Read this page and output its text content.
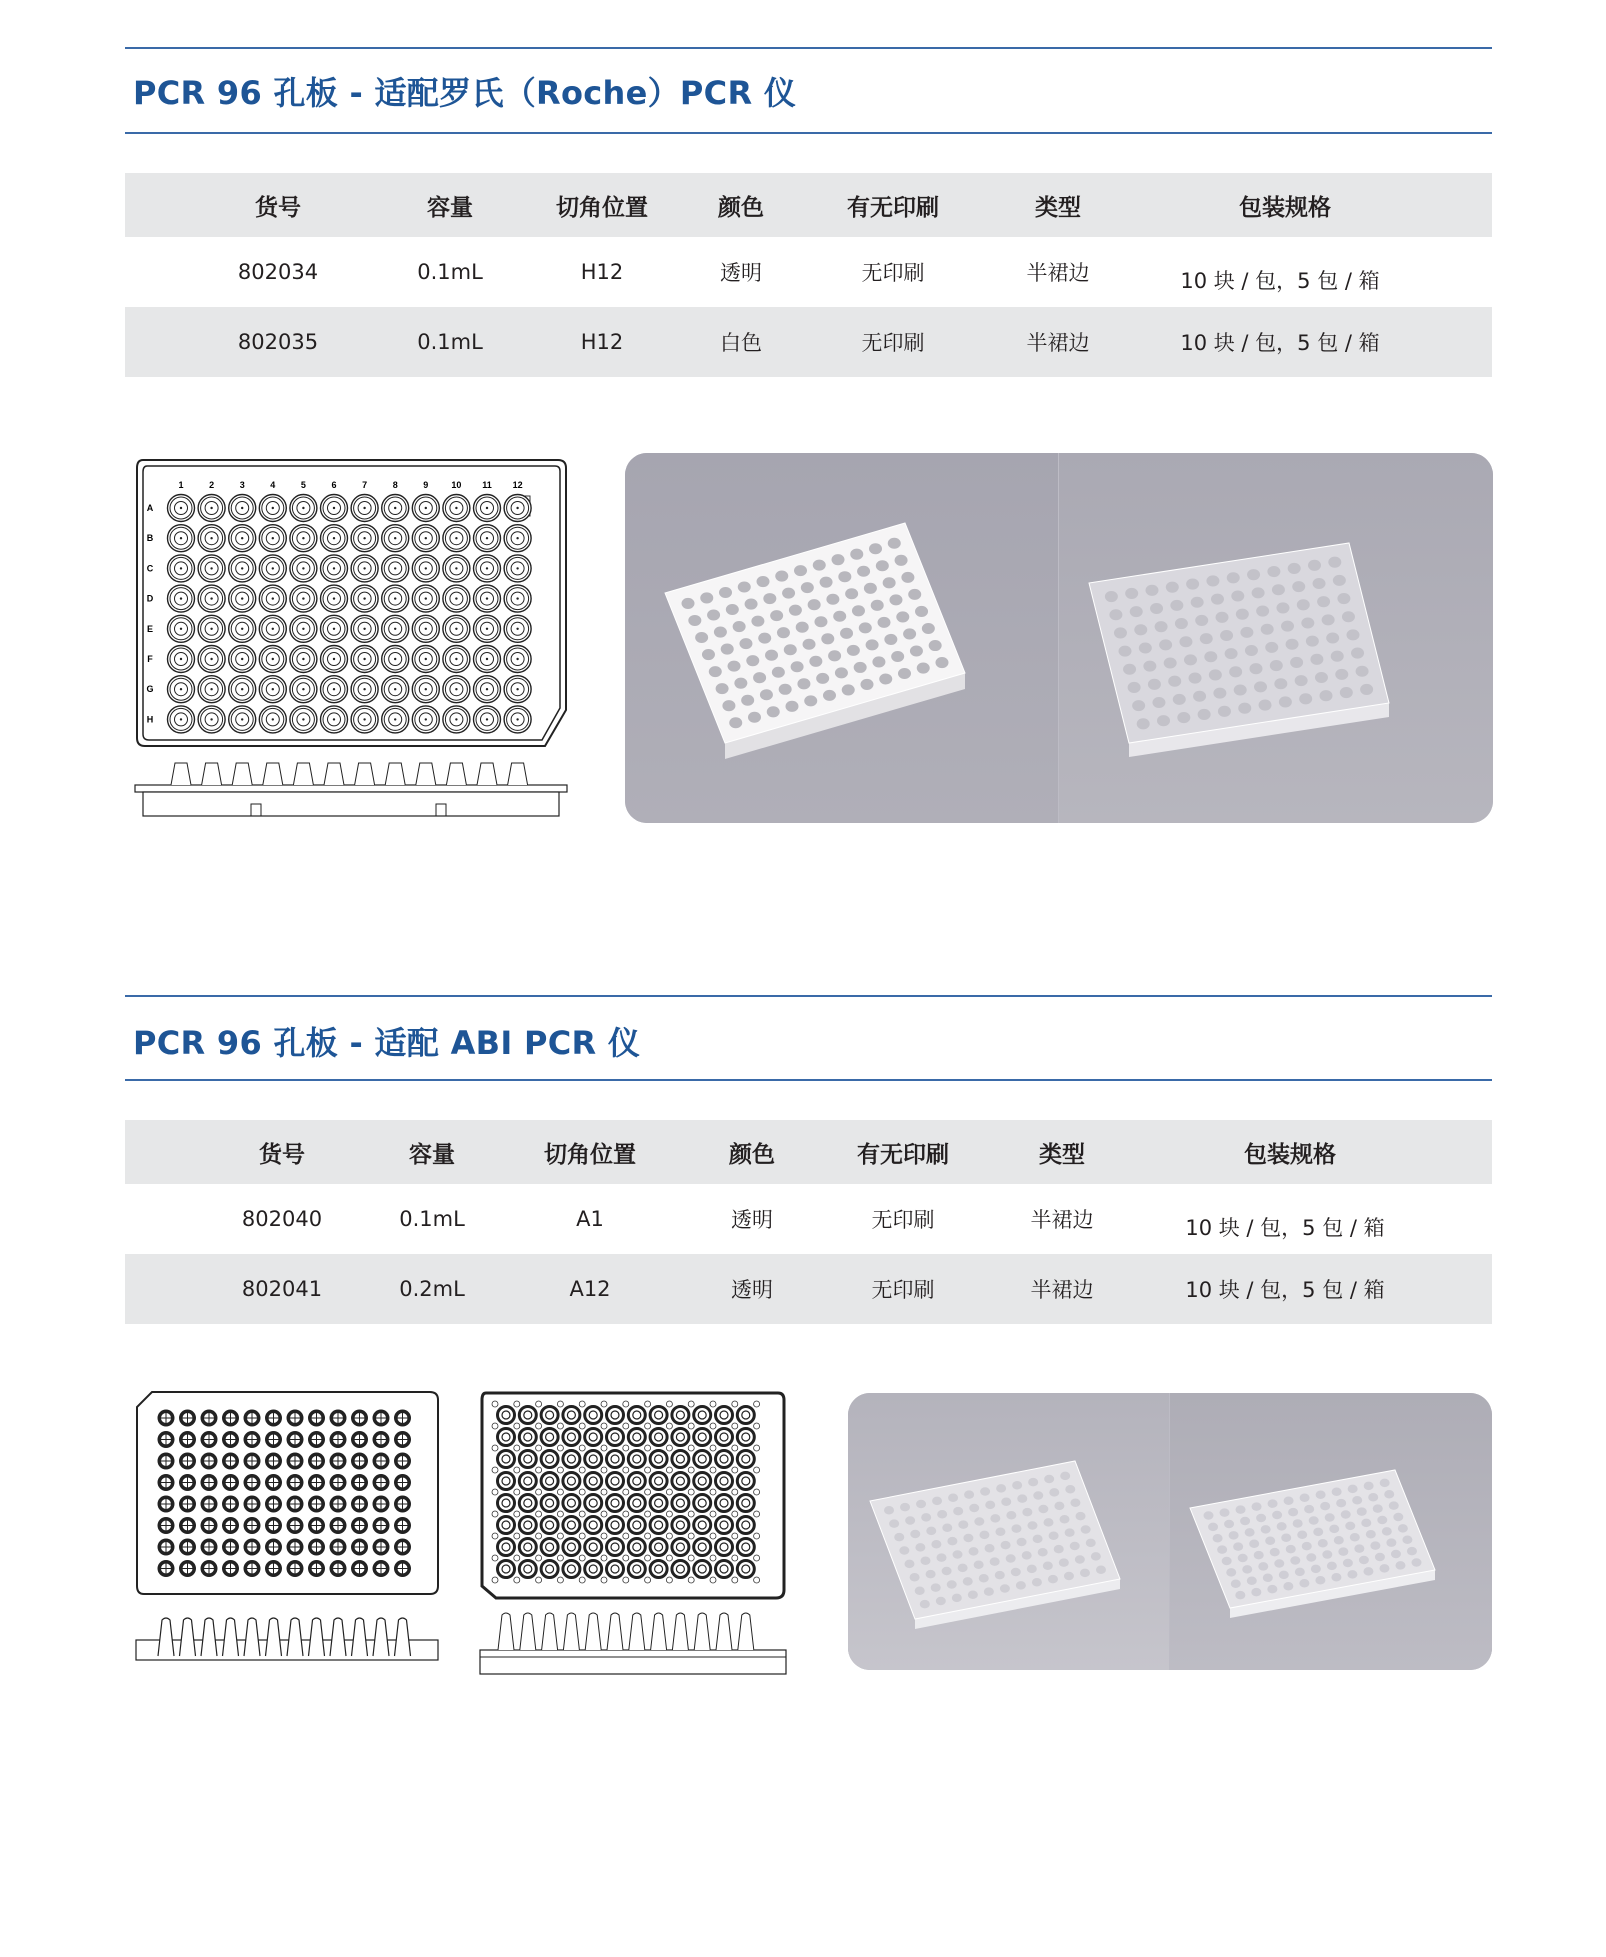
PCR 96 孔板 - 适配罗氏（Roche）PCR 仪
货号	容量	切角位置	颜色	有无印刷	类型	包装规格
802034	0.1mL	H12	透明	无印刷	半裙边	10 块 / 包，5 包 / 箱
802035	0.1mL	H12	白色	无印刷	半裙边	10 块 / 包，5 包 / 箱
1	2	3	4	5	6	7	8	9	10 11 12
A
B
C
D
E
F
G
H
PCR 96 孔板 - 适配 ABI PCR 仪
货号	容量	切角位置	颜色	有无印刷	类型	包装规格
802040	0.1mL	A1	透明	无印刷	半裙边	10 块 / 包，5 包 / 箱
802041	0.2mL	A12	透明	无印刷	半裙边	10 块 / 包，5 包 / 箱
